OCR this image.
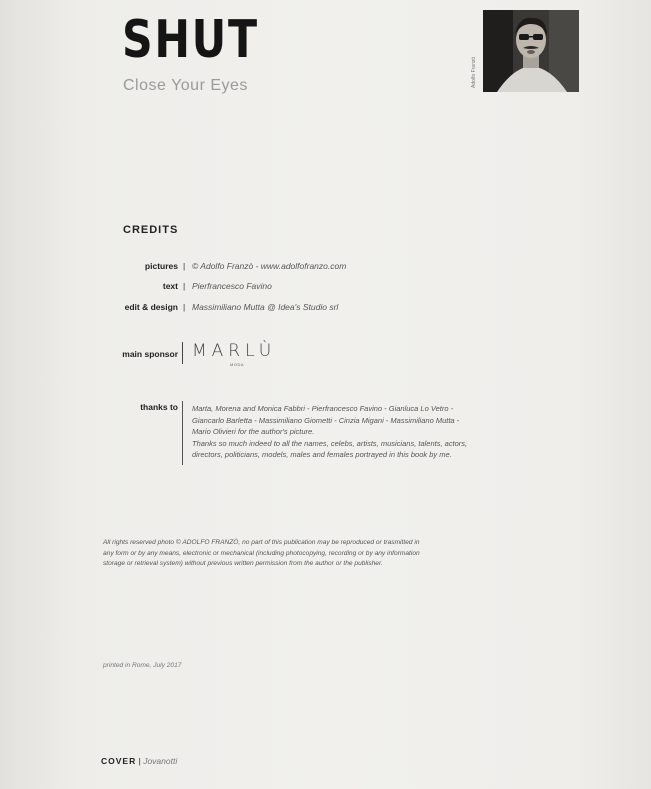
SHUT
Close Your Eyes	Adolfo Franzò
CREDITS
pictures | © Adolfo Franzò - www.adolfofranzo.com
text | Pierfrancesco Favino
edit & design | Massimiliano Mutta @ Idea's Studio srl
main sponsor MARLÙ
MODA
thanks to Marta, Morena and Monica Fabbri - Pierfrancesco Favino - Gianluca Lo Vetro -
Giancarlo Barletta - Massimiliano Giometti - Cinzia Migani - Massimiliano Mutta -
Mario Olivieri for the author's picture.
Thanks so much indeed to all the names, celebs, artists, musicians, talents, actors,
directors, politicians, models, males and females portrayed in this book by me.
All rights reserved photo © ADOLFO FRANZÒ, no part of this publication may be reproduced or trasmitted in
any form or by any means, electronic or mechanical (including photocopying, recording or by any information
storage or retrieval system) without previous written permission from the author or the publisher.
printed in Rome, July 2017
COVER | Jovanotti
